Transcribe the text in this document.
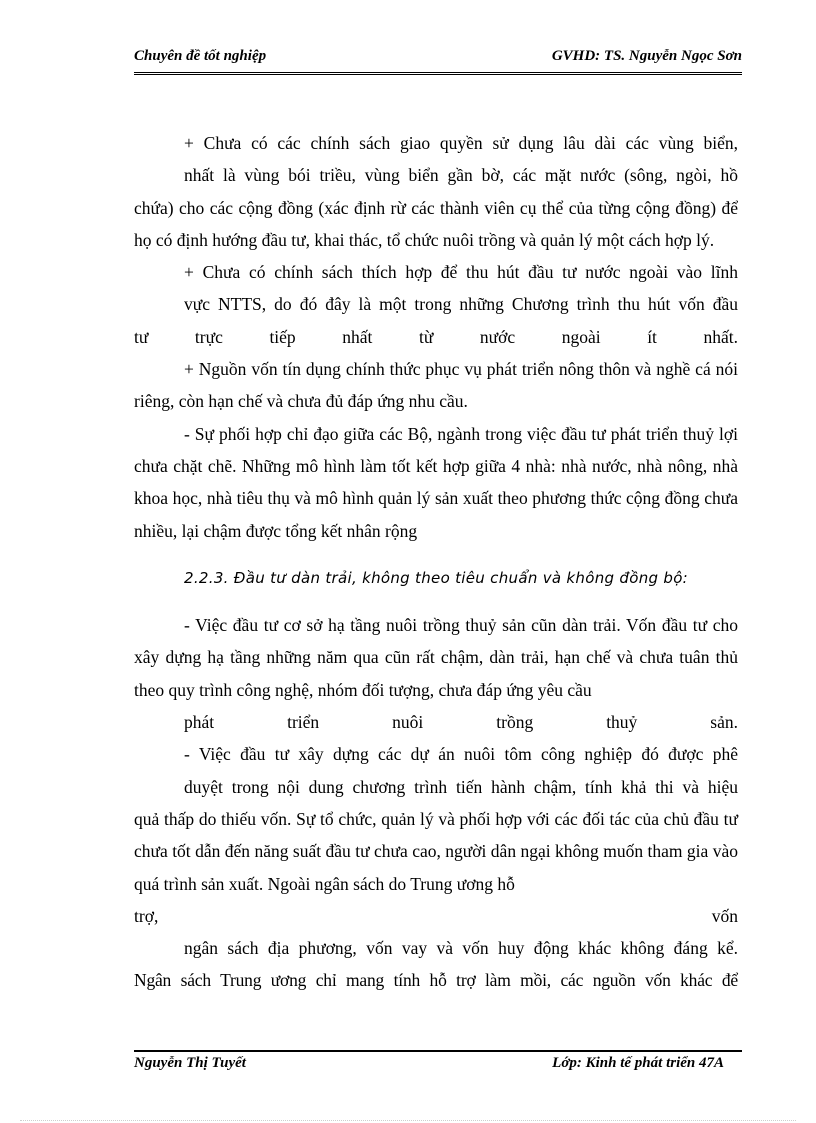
Chuyên đề tốt nghiệp	GVHD: TS. Nguyễn Ngọc Sơn

+ Chưa có các chính sách giao quyền sử dụng lâu dài các vùng biển,

nhất là vùng bói triều, vùng biển gần bờ, các mặt nước (sông, ngòi, hồ

chứa) cho các cộng đồng (xác định rừ các thành viên cụ thể của từng cộng đồng) để họ có định hướng đầu tư, khai thác, tổ chức nuôi trồng và quản lý một cách hợp lý.

+ Chưa có chính sách thích hợp để thu hút đầu tư nước ngoài vào lĩnh

vực NTTS, do đó đây là một trong những Chương trình thu hút vốn đầu

tư trực tiếp nhất từ nước ngoài ít nhất.

+ Nguồn vốn tín dụng chính thức phục vụ phát triển nông thôn và nghề cá nói riêng, còn hạn chế và chưa đủ đáp ứng nhu cầu.

- Sự phối hợp chỉ đạo giữa các Bộ, ngành trong việc đầu tư phát triển thuỷ lợi chưa chặt chẽ. Những mô hình làm tốt kết hợp giữa 4 nhà: nhà nước, nhà nông, nhà khoa học, nhà tiêu thụ và mô hình quản lý sản xuất theo phương thức cộng đồng chưa nhiều, lại chậm được tổng kết nhân rộng

2.2.3. Đầu tư dàn trải, không theo tiêu chuẩn và không đồng bộ:

- Việc đầu tư cơ sở hạ tầng nuôi trồng thuỷ sản cũn dàn trải. Vốn đầu tư cho xây dựng hạ tầng những năm qua cũn rất chậm, dàn trải, hạn chế và chưa tuân thủ theo quy trình công nghệ, nhóm đối tượng, chưa đáp ứng yêu cầu

phát triển nuôi trồng thuỷ sản.

- Việc đầu tư xây dựng các dự án nuôi tôm công nghiệp đó được phê

duyệt trong nội dung chương trình tiến hành chậm, tính khả thi và hiệu

quả thấp do thiếu vốn. Sự tổ chức, quản lý và phối hợp với các đối tác của chủ đầu tư chưa tốt dẫn đến năng suất đầu tư chưa cao, người dân ngại không muốn tham gia vào quá trình sản xuất. Ngoài ngân sách do Trung ương hỗ

trợ, vốn

ngân sách địa phương, vốn vay và vốn huy động khác không đáng kể.

Ngân sách Trung ương chỉ mang tính hỗ trợ làm mồi, các nguồn vốn khác để

Nguyễn Thị Tuyết	Lớp: Kinh tế phát triển 47A
